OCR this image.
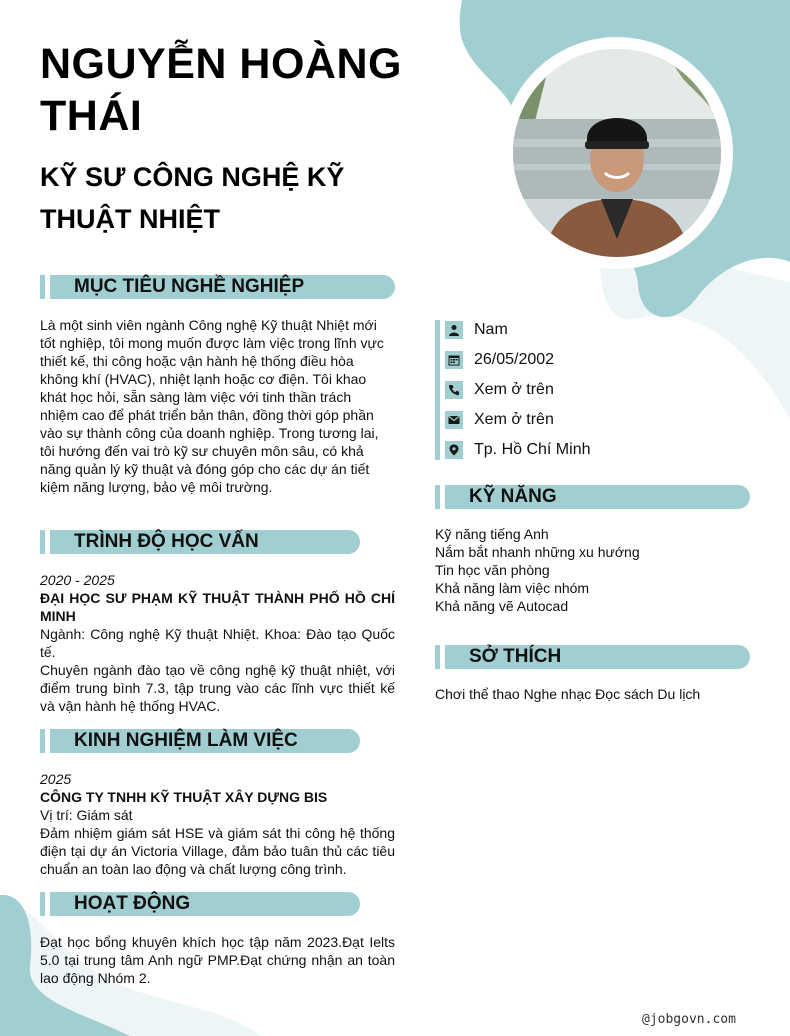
NGUYỄN HOÀNG THÁI
KỸ SƯ CÔNG NGHỆ KỸ THUẬT NHIỆT
MỤC TIÊU NGHỀ NGHIỆP
Là một sinh viên ngành Công nghệ Kỹ thuật Nhiệt mới tốt nghiệp, tôi mong muốn được làm việc trong lĩnh vực thiết kế, thi công hoặc vận hành hệ thống điều hòa không khí (HVAC), nhiệt lạnh hoặc cơ điện. Tôi khao khát học hỏi, sẵn sàng làm việc với tinh thần trách nhiệm cao để phát triển bản thân, đồng thời góp phần vào sự thành công của doanh nghiệp. Trong tương lai, tôi hướng đến vai trò kỹ sư chuyên môn sâu, có khả năng quản lý kỹ thuật và đóng góp cho các dự án tiết kiệm năng lượng, bảo vệ môi trường.
TRÌNH ĐỘ HỌC VẤN
2020 - 2025
ĐẠI HỌC SƯ PHẠM KỸ THUẬT THÀNH PHỐ HỒ CHÍ MINH
Ngành: Công nghệ Kỹ thuật Nhiệt. Khoa: Đào tạo Quốc tế.
Chuyên ngành đào tạo về công nghệ kỹ thuật nhiệt, với điểm trung bình 7.3, tập trung vào các lĩnh vực thiết kế và vận hành hệ thống HVAC.
KINH NGHIỆM LÀM VIỆC
2025
CÔNG TY TNHH KỸ THUẬT XÂY DỰNG BIS
Vị trí: Giám sát
Đảm nhiệm giám sát HSE và giám sát thi công hệ thống điện tại dự án Victoria Village, đảm bảo tuân thủ các tiêu chuẩn an toàn lao động và chất lượng công trình.
HOẠT ĐỘNG
Đạt học bổng khuyên khích học tập năm 2023.Đạt Ielts 5.0 tại trung tâm Anh ngữ PMP.Đạt chứng nhận an toàn lao động Nhóm 2.
Nam
26/05/2002
Xem ở trên
Xem ở trên
Tp. Hồ Chí Minh
KỸ NĂNG
Kỹ năng tiếng Anh
Nắm bắt nhanh những xu hướng
Tin học văn phòng
Khả năng làm việc nhóm
Khả năng vẽ Autocad
SỞ THÍCH
Chơi thể thao Nghe nhạc Đọc sách Du lịch
@jobgovn.com
